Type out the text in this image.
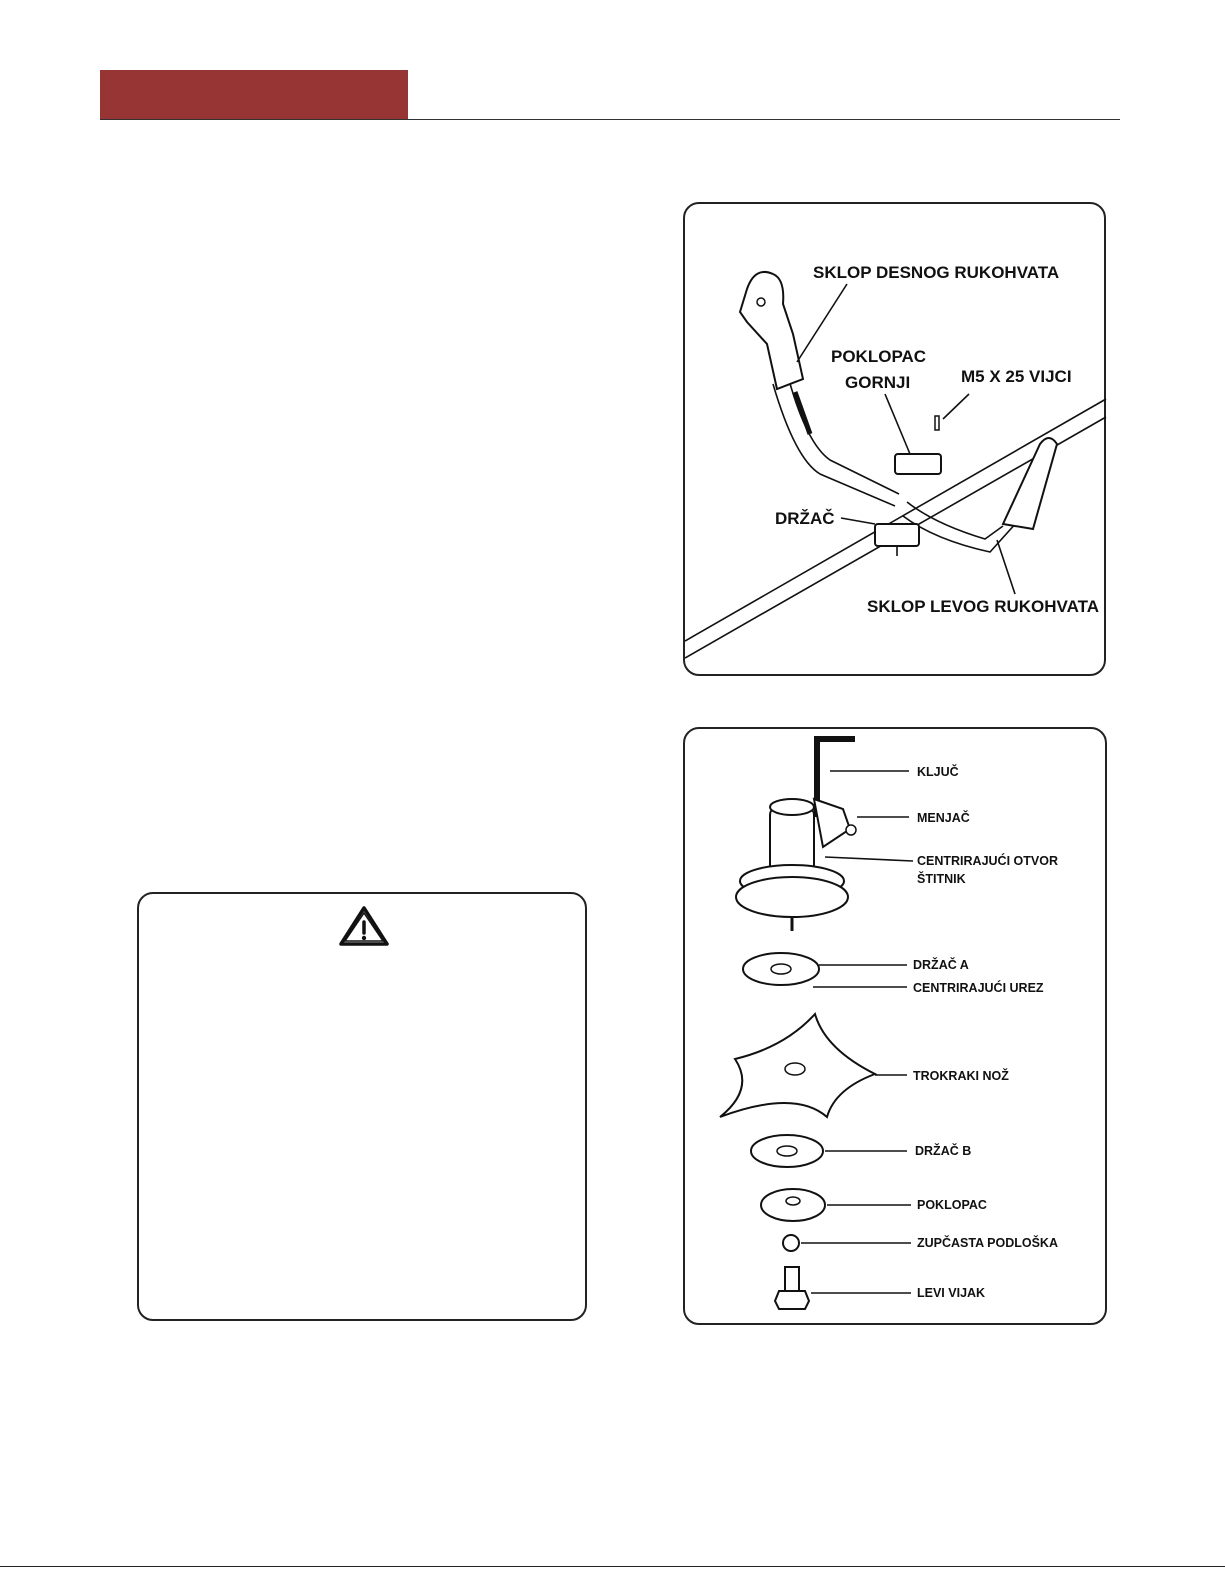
SKLOP DESNOG RUKOHVATA
POKLOPAC
GORNJI	M5 X 25 VIJCI
DRŽAČ
SKLOP LEVOG RUKOHVATA
KLJUČ
MENJAČ
CENTRIRAJUĆI OTVOR
ŠTITNIK
DRŽAČ A
CENTRIRAJUĆI UREZ
TROKRAKI NOŽ
DRŽAČ B
POKLOPAC
ZUPČASTA PODLOŠKA
LEVI VIJAK
